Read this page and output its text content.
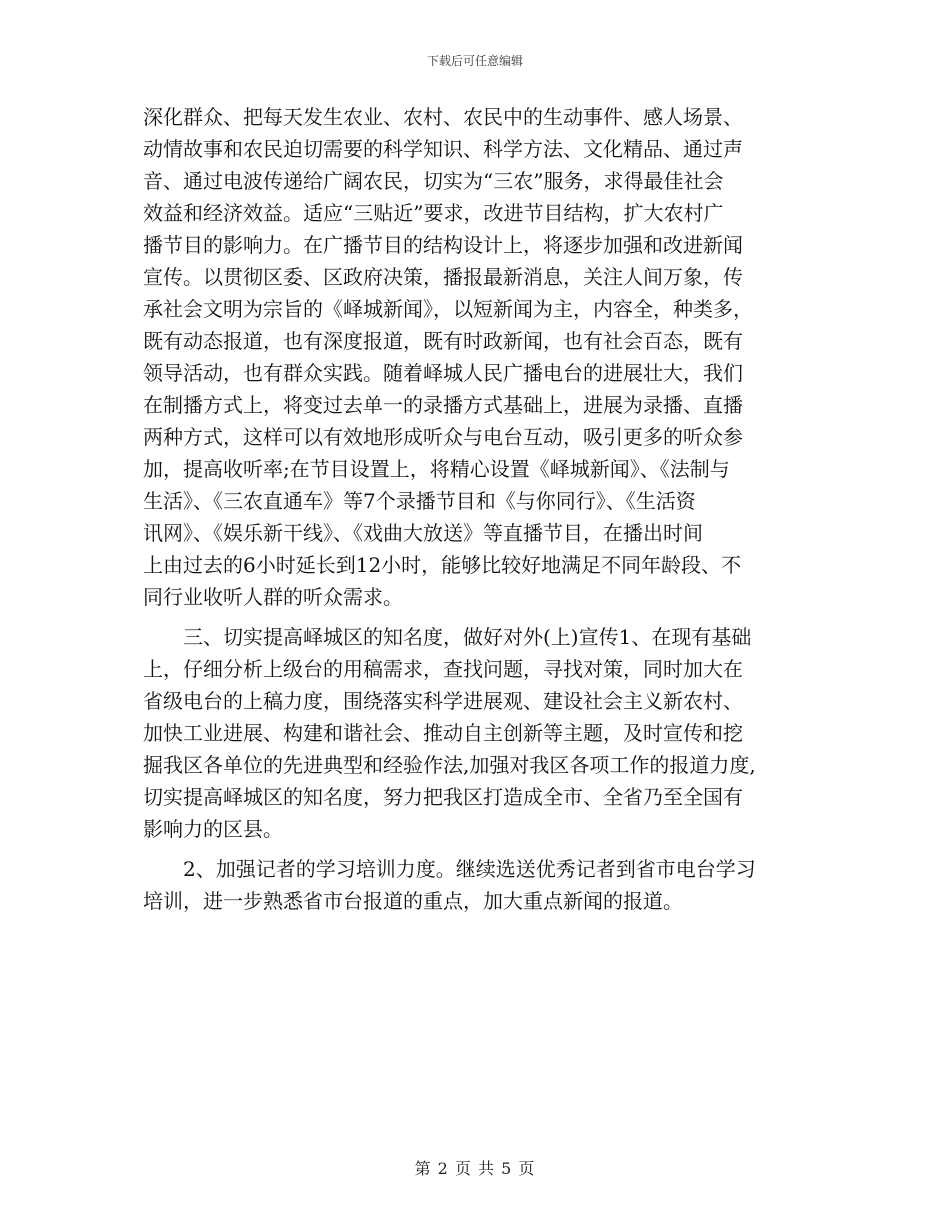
下载后可任意编辑
深化群众、把每天发生农业、农村、农民中的生动事件、感人场景、
动情故事和农民迫切需要的科学知识、科学方法、文化精品、通过声
音、通过电波传递给广阔农民，切实为“三农”服务，求得最佳社会
效益和经济效益。适应“三贴近”要求，改进节目结构，扩大农村广
播节目的影响力。在广播节目的结构设计上，将逐步加强和改进新闻
宣传。以贯彻区委、区政府决策，播报最新消息，关注人间万象，传
承社会文明为宗旨的《峄城新闻》，以短新闻为主，内容全，种类多，
既有动态报道，也有深度报道，既有时政新闻，也有社会百态，既有
领导活动，也有群众实践。随着峄城人民广播电台的进展壮大，我们
在制播方式上，将变过去单一的录播方式基础上，进展为录播、直播
两种方式，这样可以有效地形成听众与电台互动，吸引更多的听众参
加，提高收听率;在节目设置上，将精心设置《峄城新闻》、《法制与
生活》、《三农直通车》等7个录播节目和《与你同行》、《生活资
讯网》、《娱乐新干线》、《戏曲大放送》等直播节目，在播出时间
上由过去的6小时延长到12小时，能够比较好地满足不同年龄段、不
同行业收听人群的听众需求。
三、切实提高峄城区的知名度，做好对外(上)宣传1、在现有基础
上，仔细分析上级台的用稿需求，查找问题，寻找对策，同时加大在
省级电台的上稿力度，围绕落实科学进展观、建设社会主义新农村、
加快工业进展、构建和谐社会、推动自主创新等主题，及时宣传和挖
掘我区各单位的先进典型和经验作法,加强对我区各项工作的报道力度,
切实提高峄城区的知名度，努力把我区打造成全市、全省乃至全国有
影响力的区县。
2、加强记者的学习培训力度。继续选送优秀记者到省市电台学习
培训，进一步熟悉省市台报道的重点，加大重点新闻的报道。
第 2 页 共 5 页
